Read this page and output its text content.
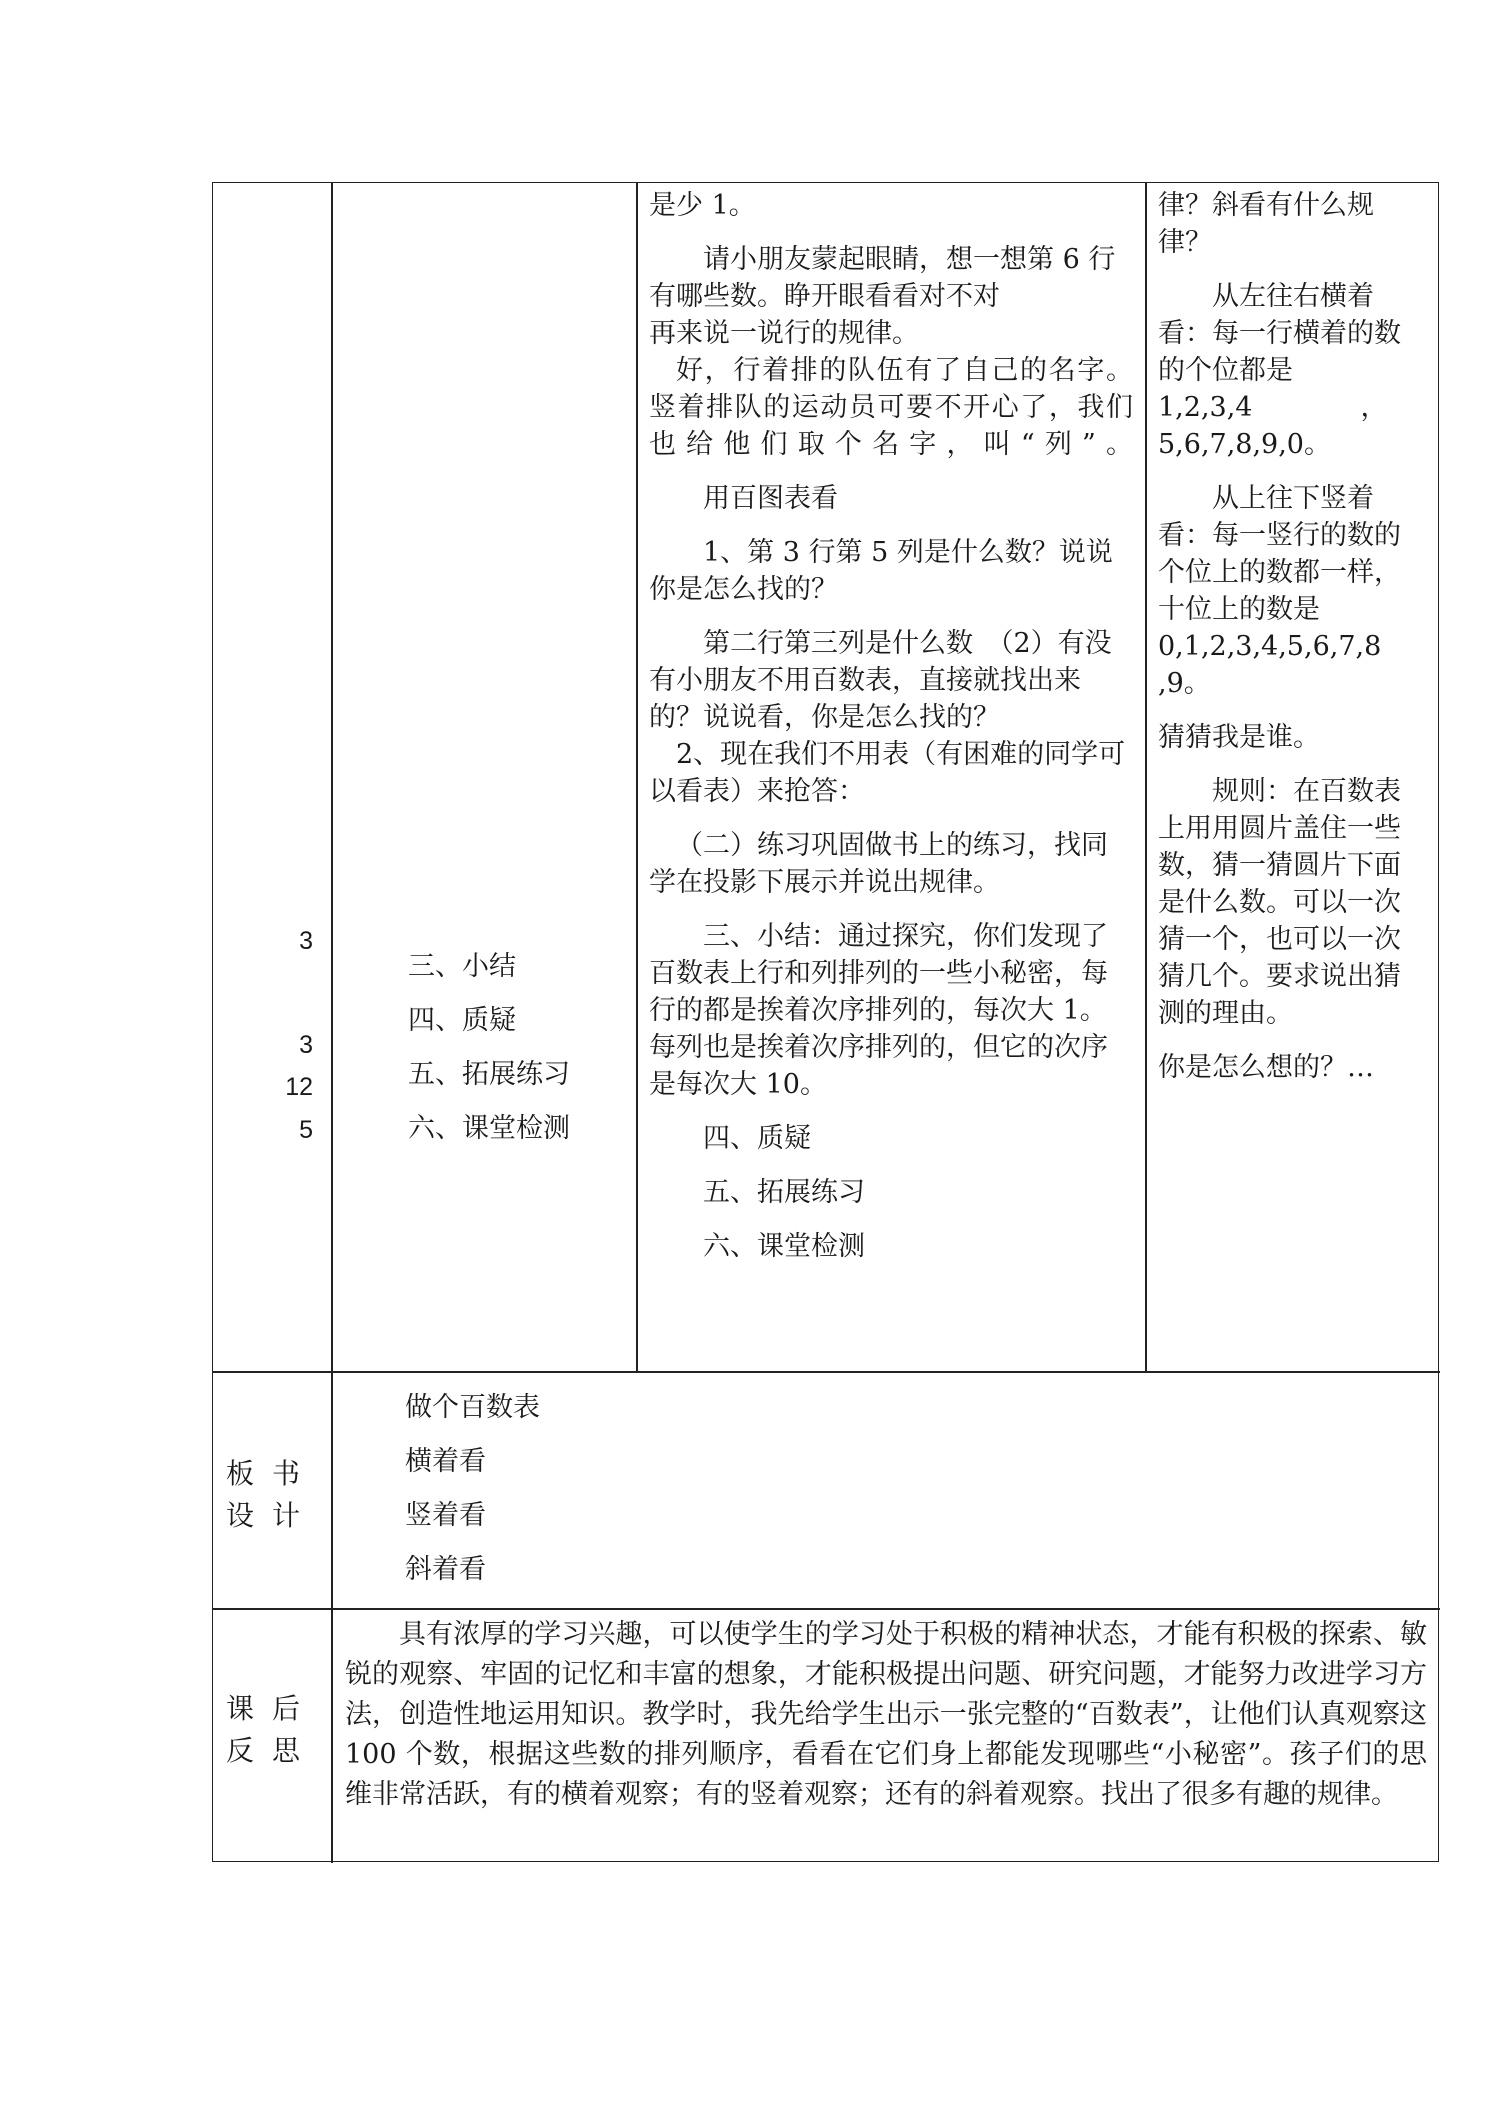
3
3
12
5
三、小结
四、质疑
五、拓展练习
六、课堂检测

是少 1。

请小朋友蒙起眼睛，想一想第 6 行有哪些数。睁开眼看看对不对

再来说一说行的规律。

好，行着排的队伍有了自己的名字。竖着排队的运动员可要不开心了，我们也给他们取个名字，叫“列”。

用百图表看

1、第 3 行第 5 列是什么数？说说你是怎么找的？

第二行第三列是什么数　（2）有没有小朋友不用百数表，直接就找出来的？说说看，你是怎么找的？

2、现在我们不用表（有困难的同学可以看表）来抢答：

（二）练习巩固做书上的练习，找同学在投影下展示并说出规律。

三、小结：通过探究，你们发现了百数表上行和列排列的一些小秘密，每行的都是挨着次序排列的，每次大 1。每列也是挨着次序排列的，但它的次序是每次大 10。

四、质疑

五、拓展练习

六、课堂检测

律？斜看有什么规律？

从左往右横着看：每一行横着的数的个位都是 1,2,3,4　　　　，5,6,7,8,9,0。

从上往下竖着看：每一竖行的数的个位上的数都一样，十位上的数是 0,1,2,3,4,5,6,7,8 ,9。

猜猜我是谁。

规则：在百数表上用用圆片盖住一些数，猜一猜圆片下面是什么数。可以一次猜一个，也可以一次猜几个。要求说出猜测的理由。

你是怎么想的？…

板书
设计
做个百数表
横着看
竖着看
斜着看
课后
反思

具有浓厚的学习兴趣，可以使学生的学习处于积极的精神状态，才能有积极的探索、敏锐的观察、牢固的记忆和丰富的想象，才能积极提出问题、研究问题，才能努力改进学习方法，创造性地运用知识。教学时，我先给学生出示一张完整的“百数表”，让他们认真观察这 100 个数，根据这些数的排列顺序，看看在它们身上都能发现哪些“小秘密”。孩子们的思维非常活跃，有的横着观察；有的竖着观察；还有的斜着观察。找出了很多有趣的规律。
